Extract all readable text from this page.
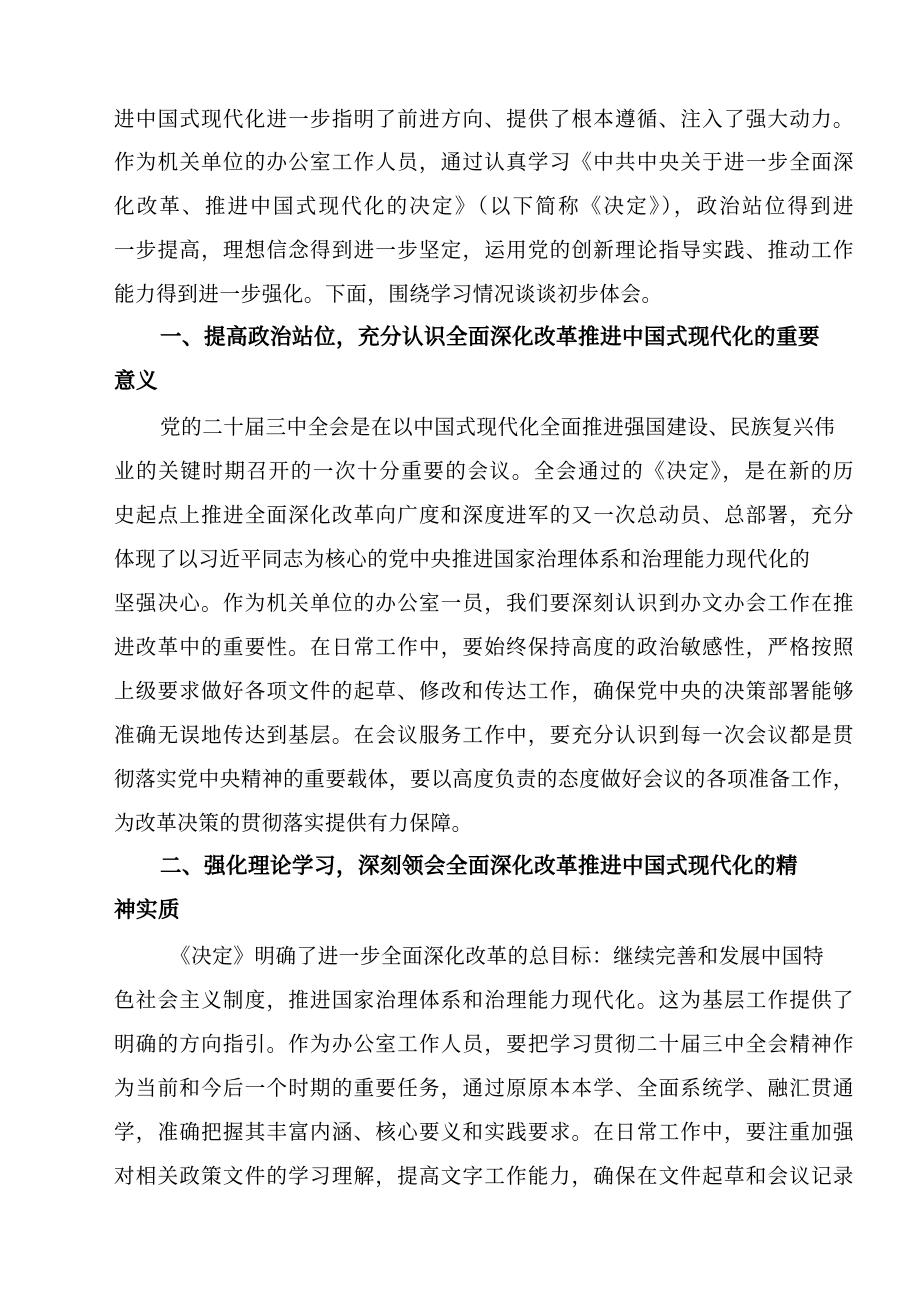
进中国式现代化进一步指明了前进方向、提供了根本遵循、注入了强大动力。
作为机关单位的办公室工作人员，通过认真学习《中共中央关于进一步全面深
化改革、推进中国式现代化的决定》（以下简称《决定》），政治站位得到进
一步提高，理想信念得到进一步坚定，运用党的创新理论指导实践、推动工作
能力得到进一步强化。下面，围绕学习情况谈谈初步体会。
一、提高政治站位，充分认识全面深化改革推进中国式现代化的重要
意义
党的二十届三中全会是在以中国式现代化全面推进强国建设、民族复兴伟
业的关键时期召开的一次十分重要的会议。全会通过的《决定》，是在新的历
史起点上推进全面深化改革向广度和深度进军的又一次总动员、总部署，充分
体现了以习近平同志为核心的党中央推进国家治理体系和治理能力现代化的
坚强决心。作为机关单位的办公室一员，我们要深刻认识到办文办会工作在推
进改革中的重要性。在日常工作中，要始终保持高度的政治敏感性，严格按照
上级要求做好各项文件的起草、修改和传达工作，确保党中央的决策部署能够
准确无误地传达到基层。在会议服务工作中，要充分认识到每一次会议都是贯
彻落实党中央精神的重要载体，要以高度负责的态度做好会议的各项准备工作，
为改革决策的贯彻落实提供有力保障。
二、强化理论学习，深刻领会全面深化改革推进中国式现代化的精
神实质
《决定》明确了进一步全面深化改革的总目标：继续完善和发展中国特
色社会主义制度，推进国家治理体系和治理能力现代化。这为基层工作提供了
明确的方向指引。作为办公室工作人员，要把学习贯彻二十届三中全会精神作
为当前和今后一个时期的重要任务，通过原原本本学、全面系统学、融汇贯通
学，准确把握其丰富内涵、核心要义和实践要求。在日常工作中，要注重加强
对相关政策文件的学习理解，提高文字工作能力，确保在文件起草和会议记录
